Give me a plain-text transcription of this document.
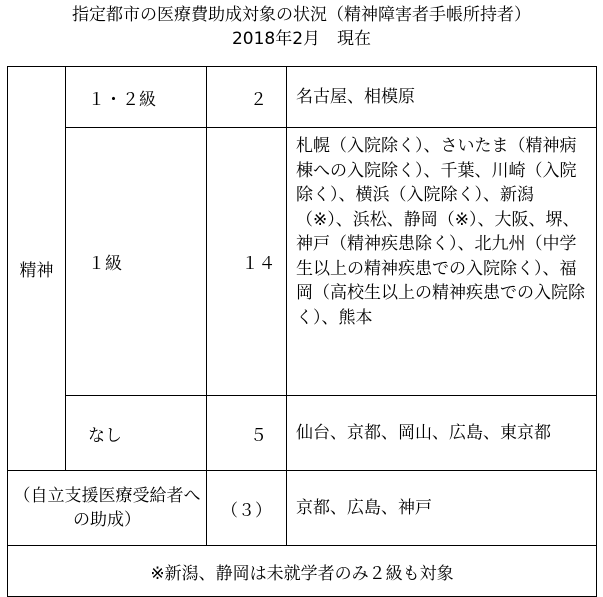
指定都市の医療費助成対象の状況（精神障害者手帳所持者）
2018年2月　現在
精神	１・２級	２	名古屋、相模原
	１級	１４	札幌（入院除く）、さいたま（精神病棟への入院除く）、千葉、川崎（入院除く）、横浜（入院除く）、新潟（※）、浜松、静岡（※）、大阪、堺、神戸（精神疾患除く）、北九州（中学生以上の精神疾患での入院除く）、福岡（高校生以上の精神疾患での入院除く）、熊本
	なし	５	仙台、京都、岡山、広島、東京都
（自立支援医療受給者への助成）		（３）	京都、広島、神戸
※新潟、静岡は未就学者のみ２級も対象			
